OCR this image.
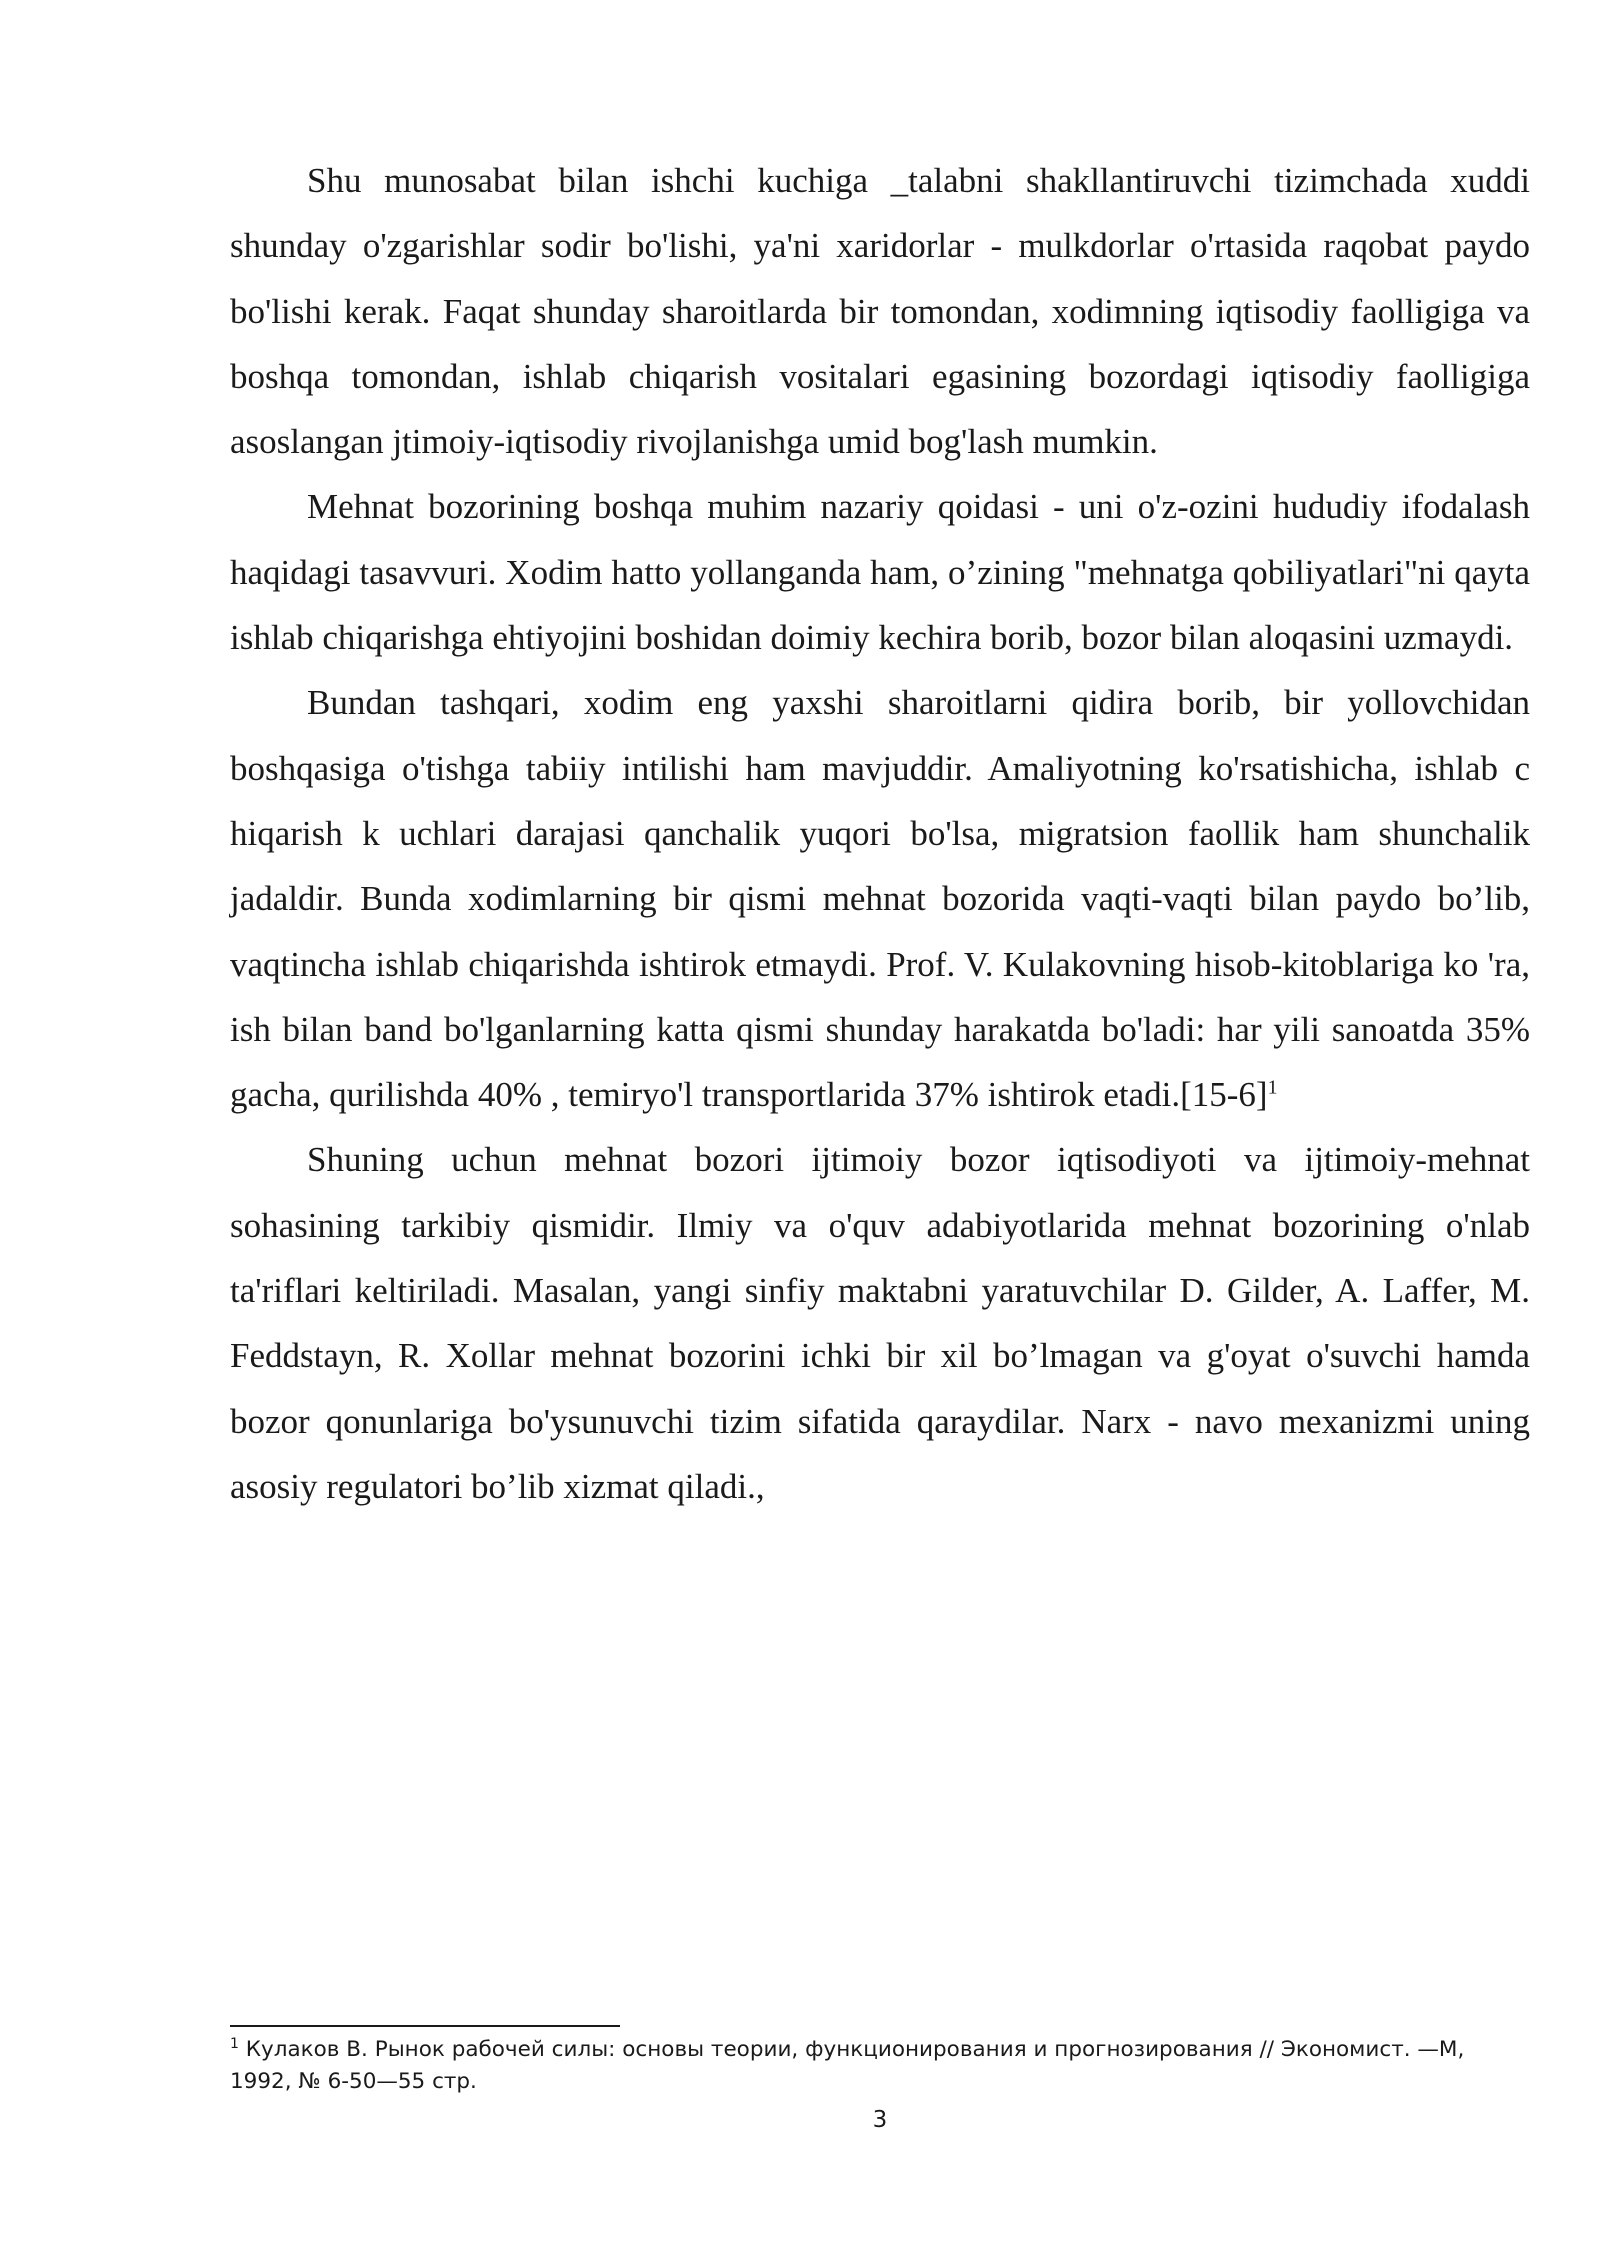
Shu munosabat bilan ishchi kuchiga _talabni shakllantiruvchi tizimchada xuddi shunday o'zgarishlar sodir bo'lishi, ya'ni xaridorlar - mulkdorlar o'rtasida raqobat paydo bo'lishi kerak. Faqat shunday sharoitlarda bir tomondan, xodimning iqtisodiy faolligiga va boshqa tomondan, ishlab chiqarish vositalari egasining bozordagi iqtisodiy faolligiga asoslangan jtimoiy-iqtisodiy rivojlanishga umid bog'lash mumkin.

Mehnat bozorining boshqa muhim nazariy qoidasi - uni o'z-ozini hududiy ifodalash haqidagi tasavvuri. Xodim hatto yollanganda ham, o’zining "mehnatga qobiliyatlari"ni qayta ishlab chiqarishga ehtiyojini boshidan doimiy kechira borib, bozor bilan aloqasini uzmaydi.

Bundan tashqari, xodim eng yaxshi sharoitlarni qidira borib, bir yollovchidan boshqasiga o'tishga tabiiy intilishi ham mavjuddir. Amaliyotning ko'rsatishicha, ishlab c hiqarish k uchlari darajasi qanchalik yuqori bo'lsa, migratsion faollik ham shunchalik jadaldir. Bunda xodimlarning bir qismi mehnat bozorida vaqti-vaqti bilan paydo bo’lib, vaqtincha ishlab chiqarishda ishtirok etmaydi. Prof. V. Kulakovning hisob-kitoblariga ko 'ra, ish bilan band bo'lganlarning katta qismi shunday harakatda bo'ladi: har yili sanoatda 35% gacha, qurilishda 40% , temiryo'l transportlarida 37% ishtirok $etadi.[15-6]^1$

Shuning uchun mehnat bozori ijtimoiy bozor iqtisodiyoti va ijtimoiy-mehnat sohasining tarkibiy qismidir. Ilmiy va o'quv adabiyotlarida mehnat bozorining o'nlab ta'riflari keltiriladi. Masalan, yangi sinfiy maktabni yaratuvchilar D. Gilder, A. Laffer, M. Feddstayn, R. Xollar mehnat bozorini ichki bir xil bo’lmagan va g'oyat o'suvchi hamda bozor qonunlariga bo'ysunuvchi tizim sifatida qaraydilar. Narx - navo mexanizmi uning asosiy regulatori bo’lib xizmat qiladi.,

$^1$ Кулаков В. Рынок рабочей силы: основы теории, функционирования и прогнозирования // Экономист. —М, 1992, № 6-50—55 стр.
3
